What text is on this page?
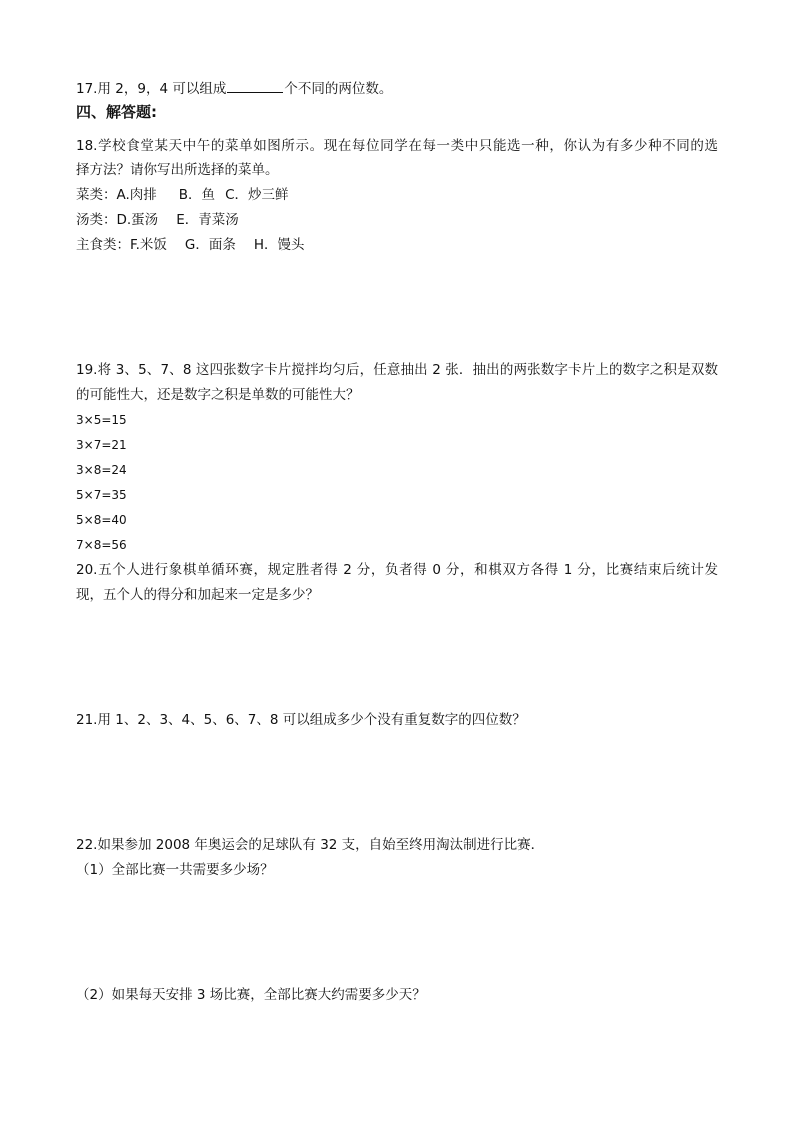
17.用 2，9，4 可以组成	个不同的两位数。
四、解答题:
18.学校食堂某天中午的菜单如图所示。现在每位同学在每一类中只能选一种，你认为有多少种不同的选
择方法？请你写出所选择的菜单。
菜类：A.肉排 B．鱼 C．炒三鲜
汤类：D.蛋汤 E．青菜汤
主食类：F.米饭 G．面条 H．馒头
19.将 3、5、7、8 这四张数字卡片搅拌均匀后，任意抽出 2 张．抽出的两张数字卡片上的数字之积是双数
的可能性大，还是数字之积是单数的可能性大？
3×5=15
3×7=21
3×8=24
5×7=35
5×8=40
7×8=56
20.五个人进行象棋单循环赛，规定胜者得 2 分，负者得 0 分，和棋双方各得 1 分，比赛结束后统计发
现，五个人的得分和加起来一定是多少？
21.用 1、2、3、4、5、6、7、8 可以组成多少个没有重复数字的四位数？
22.如果参加 2008 年奥运会的足球队有 32 支，自始至终用淘汰制进行比赛．
（1）全部比赛一共需要多少场？
（2）如果每天安排 3 场比赛，全部比赛大约需要多少天？
